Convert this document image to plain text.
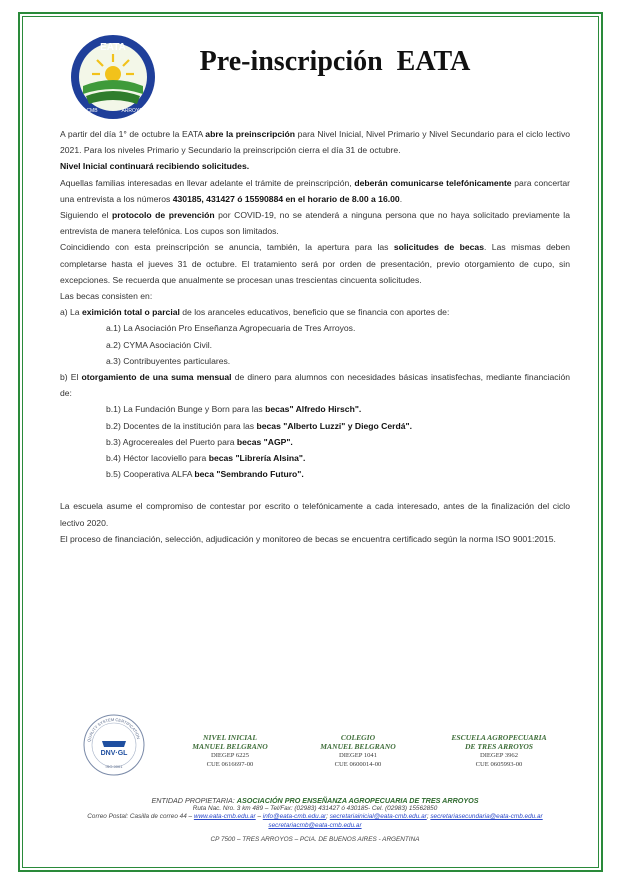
EATA
CMB	ARROYOS
Pre-inscripción  EATA

A partir del día 1° de octubre la EATA abre la preinscripción para Nivel Inicial, Nivel Primario y Nivel Secundario para el ciclo lectivo 2021. Para los niveles Primario y Secundario la preinscripción cierra el día 31 de octubre.

Nivel Inicial continuará recibiendo solicitudes.

Aquellas familias interesadas en llevar adelante el trámite de preinscripción, deberán comunicarse telefónicamente para concertar una entrevista a los números 430185, 431427 ó 15590884 en el horario de 8.00 a 16.00.

Siguiendo el protocolo de prevención por COVID-19, no se atenderá a ninguna persona que no haya solicitado previamente la entrevista de manera telefónica. Los cupos son limitados.

Coincidiendo con esta preinscripción se anuncia, también, la apertura para las solicitudes de becas. Las mismas deben completarse hasta el jueves 31 de octubre. El tratamiento será por orden de presentación, previo otorgamiento de cupo, sin excepciones. Se recuerda que anualmente se procesan unas trescientas cincuenta solicitudes.

Las becas consisten en:

a) La eximición total o parcial de los aranceles educativos, beneficio que se financia con aportes de:

a.1) La Asociación Pro Enseñanza Agropecuaria de Tres Arroyos.

a.2) CYMA Asociación Civil.

a.3) Contribuyentes particulares.

b) El otorgamiento de una suma mensual de dinero para alumnos con necesidades básicas insatisfechas, mediante financiación de:

b.1) La Fundación Bunge y Born para las becas" Alfredo Hirsch".

b.2) Docentes de la institución para las becas "Alberto Luzzi" y Diego Cerdá".

b.3) Agrocereales del Puerto para becas "AGP".

b.4) Héctor Iacoviello para becas "Librería Alsina".

b.5) Cooperativa ALFA beca "Sembrando Futuro".

La escuela asume el compromiso de contestar por escrito o telefónicamente a cada interesado, antes de la finalización del ciclo lectivo 2020.

El proceso de financiación, selección, adjudicación y monitoreo de becas se encuentra certificado según la norma ISO 9001:2015.

QUALITY SYSTEM CERTIFICATION
DNV·GL
ISO 9001
NIVEL INICIAL
MANUEL BELGRANO
DIEGEP 6225
CUE 0616697-00
COLEGIO
MANUEL BELGRANO
DIEGEP 1041
CUE 0600014-00
ESCUELA AGROPECUARIA
DE TRES ARROYOS
DIEGEP 3962
CUE 0605993-00
ENTIDAD PROPIETARIA: ASOCIACIÓN PRO ENSEÑANZA AGROPECUARIA DE TRES ARROYOS
Ruta Nac. Nro. 3 km 489 – Tel/Fax: (02983) 431427 ó 430185- Cel. (02983) 15562850
Correo Postal: Casilla de correo 44 – www.eata-cmb.edu.ar – info@eata-cmb.edu.ar; secretariainicial@eata-cmb.edu.ar; secretariasecundaria@eata-cmb.edu.ar
secretariacmb@eata-cmb.edu.ar
CP 7500 – TRES ARROYOS – PCIA. DE BUENOS AIRES - ARGENTINA
